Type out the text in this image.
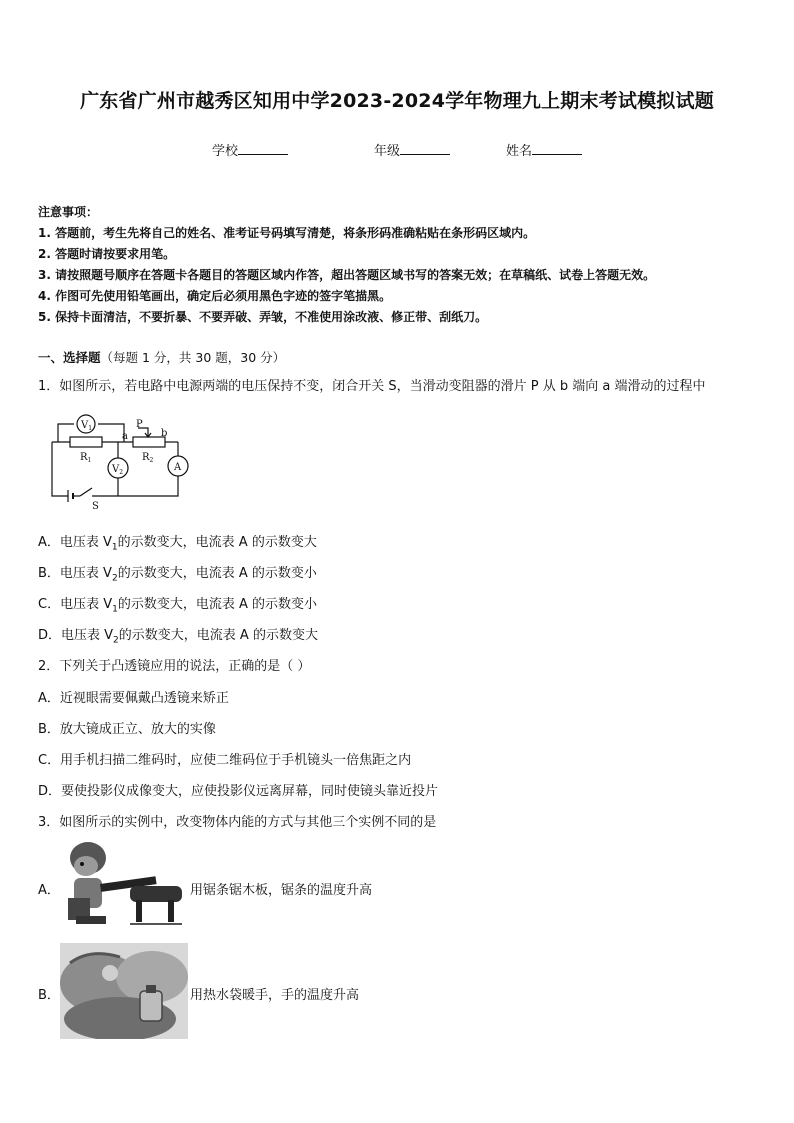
广东省广州市越秀区知用中学2023-2024学年物理九上期末考试模拟试题
学校	年级	姓名
注意事项：
1. 答题前，考生先将自己的姓名、准考证号码填写清楚，将条形码准确粘贴在条形码区域内。
2. 答题时请按要求用笔。
3. 请按照题号顺序在答题卡各题目的答题区域内作答，超出答题区域书写的答案无效；在草稿纸、试卷上答题无效。
4. 作图可先使用铅笔画出，确定后必须用黑色字迹的签字笔描黑。
5. 保持卡面清洁，不要折暴、不要弄破、弄皱，不准使用涂改液、修正带、刮纸刀。
一、选择题（每题 1 分，共 30 题，30 分）
1．如图所示，若电路中电源两端的电压保持不变，闭合开关 S，当滑动变阻器的滑片 P 从 b 端向 a 端滑动的过程中
$V_1$
$R_1$
a
P
b
$R_2$
$V_2$	A
S
A．电压表 $V_1$的示数变大，电流表 A 的示数变大
B．电压表 $V_2$的示数变大，电流表 A 的示数变小
C．电压表 $V_1$的示数变大，电流表 A 的示数变小
D．电压表 $V_2$的示数变大，电流表 A 的示数变大
2．下列关于凸透镜应用的说法，正确的是（ ）
A．近视眼需要佩戴凸透镜来矫正
B．放大镜成正立、放大的实像
C．用手机扫描二维码时，应使二维码位于手机镜头一倍焦距之内
D．要使投影仪成像变大，应使投影仪远离屏幕，同时使镜头靠近投片
3．如图所示的实例中，改变物体内能的方式与其他三个实例不同的是
A．	用锯条锯木板，锯条的温度升高
B．	用热水袋暖手，手的温度升高
